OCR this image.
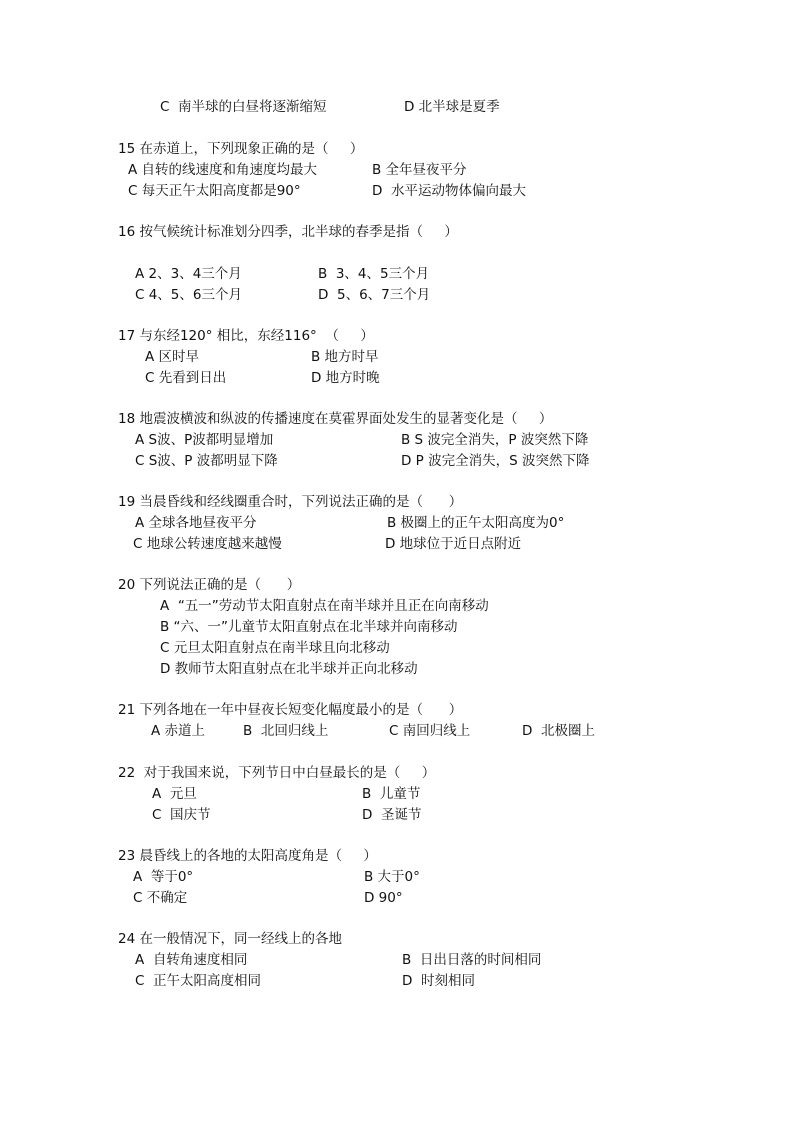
C  南半球的白昼将逐渐缩短	D 北半球是夏季
15 在赤道上，下列现象正确的是（     ）
A 自转的线速度和角速度均最大	B 全年昼夜平分
C 每天正午太阳高度都是90°	D  水平运动物体偏向最大
16 按气候统计标准划分四季，北半球的春季是指（     ）
A 2、3、4三个月	B  3、4、5三个月
C 4、5、6三个月	D  5、6、7三个月
17 与东经120° 相比，东经116°  （     ）
A 区时早	B 地方时早
C 先看到日出	D 地方时晚
18 地震波横波和纵波的传播速度在莫霍界面处发生的显著变化是（     ）
A S波、P波都明显增加	B S 波完全消失，P 波突然下降
C S波、P 波都明显下降	D P 波完全消失，S 波突然下降
19 当晨昏线和经线圈重合时，下列说法正确的是（      ）
A 全球各地昼夜平分	B 极圈上的正午太阳高度为0°
C 地球公转速度越来越慢	D 地球位于近日点附近
20 下列说法正确的是（      ）
A  “五一”劳动节太阳直射点在南半球并且正在向南移动
B “六、一”儿童节太阳直射点在北半球并向南移动
C 元旦太阳直射点在南半球且向北移动
D 教师节太阳直射点在北半球并正向北移动
21 下列各地在一年中昼夜长短变化幅度最小的是（      ）
A 赤道上	B  北回归线上	C 南回归线上	D  北极圈上
22  对于我国来说，下列节日中白昼最长的是（     ）
A  元旦	B  儿童节
C  国庆节	D  圣诞节
23 晨昏线上的各地的太阳高度角是（     ）
A  等于0°	B 大于0°
C 不确定	D 90°
24 在一般情况下，同一经线上的各地
A  自转角速度相同	B  日出日落的时间相同
C  正午太阳高度相同	D  时刻相同
